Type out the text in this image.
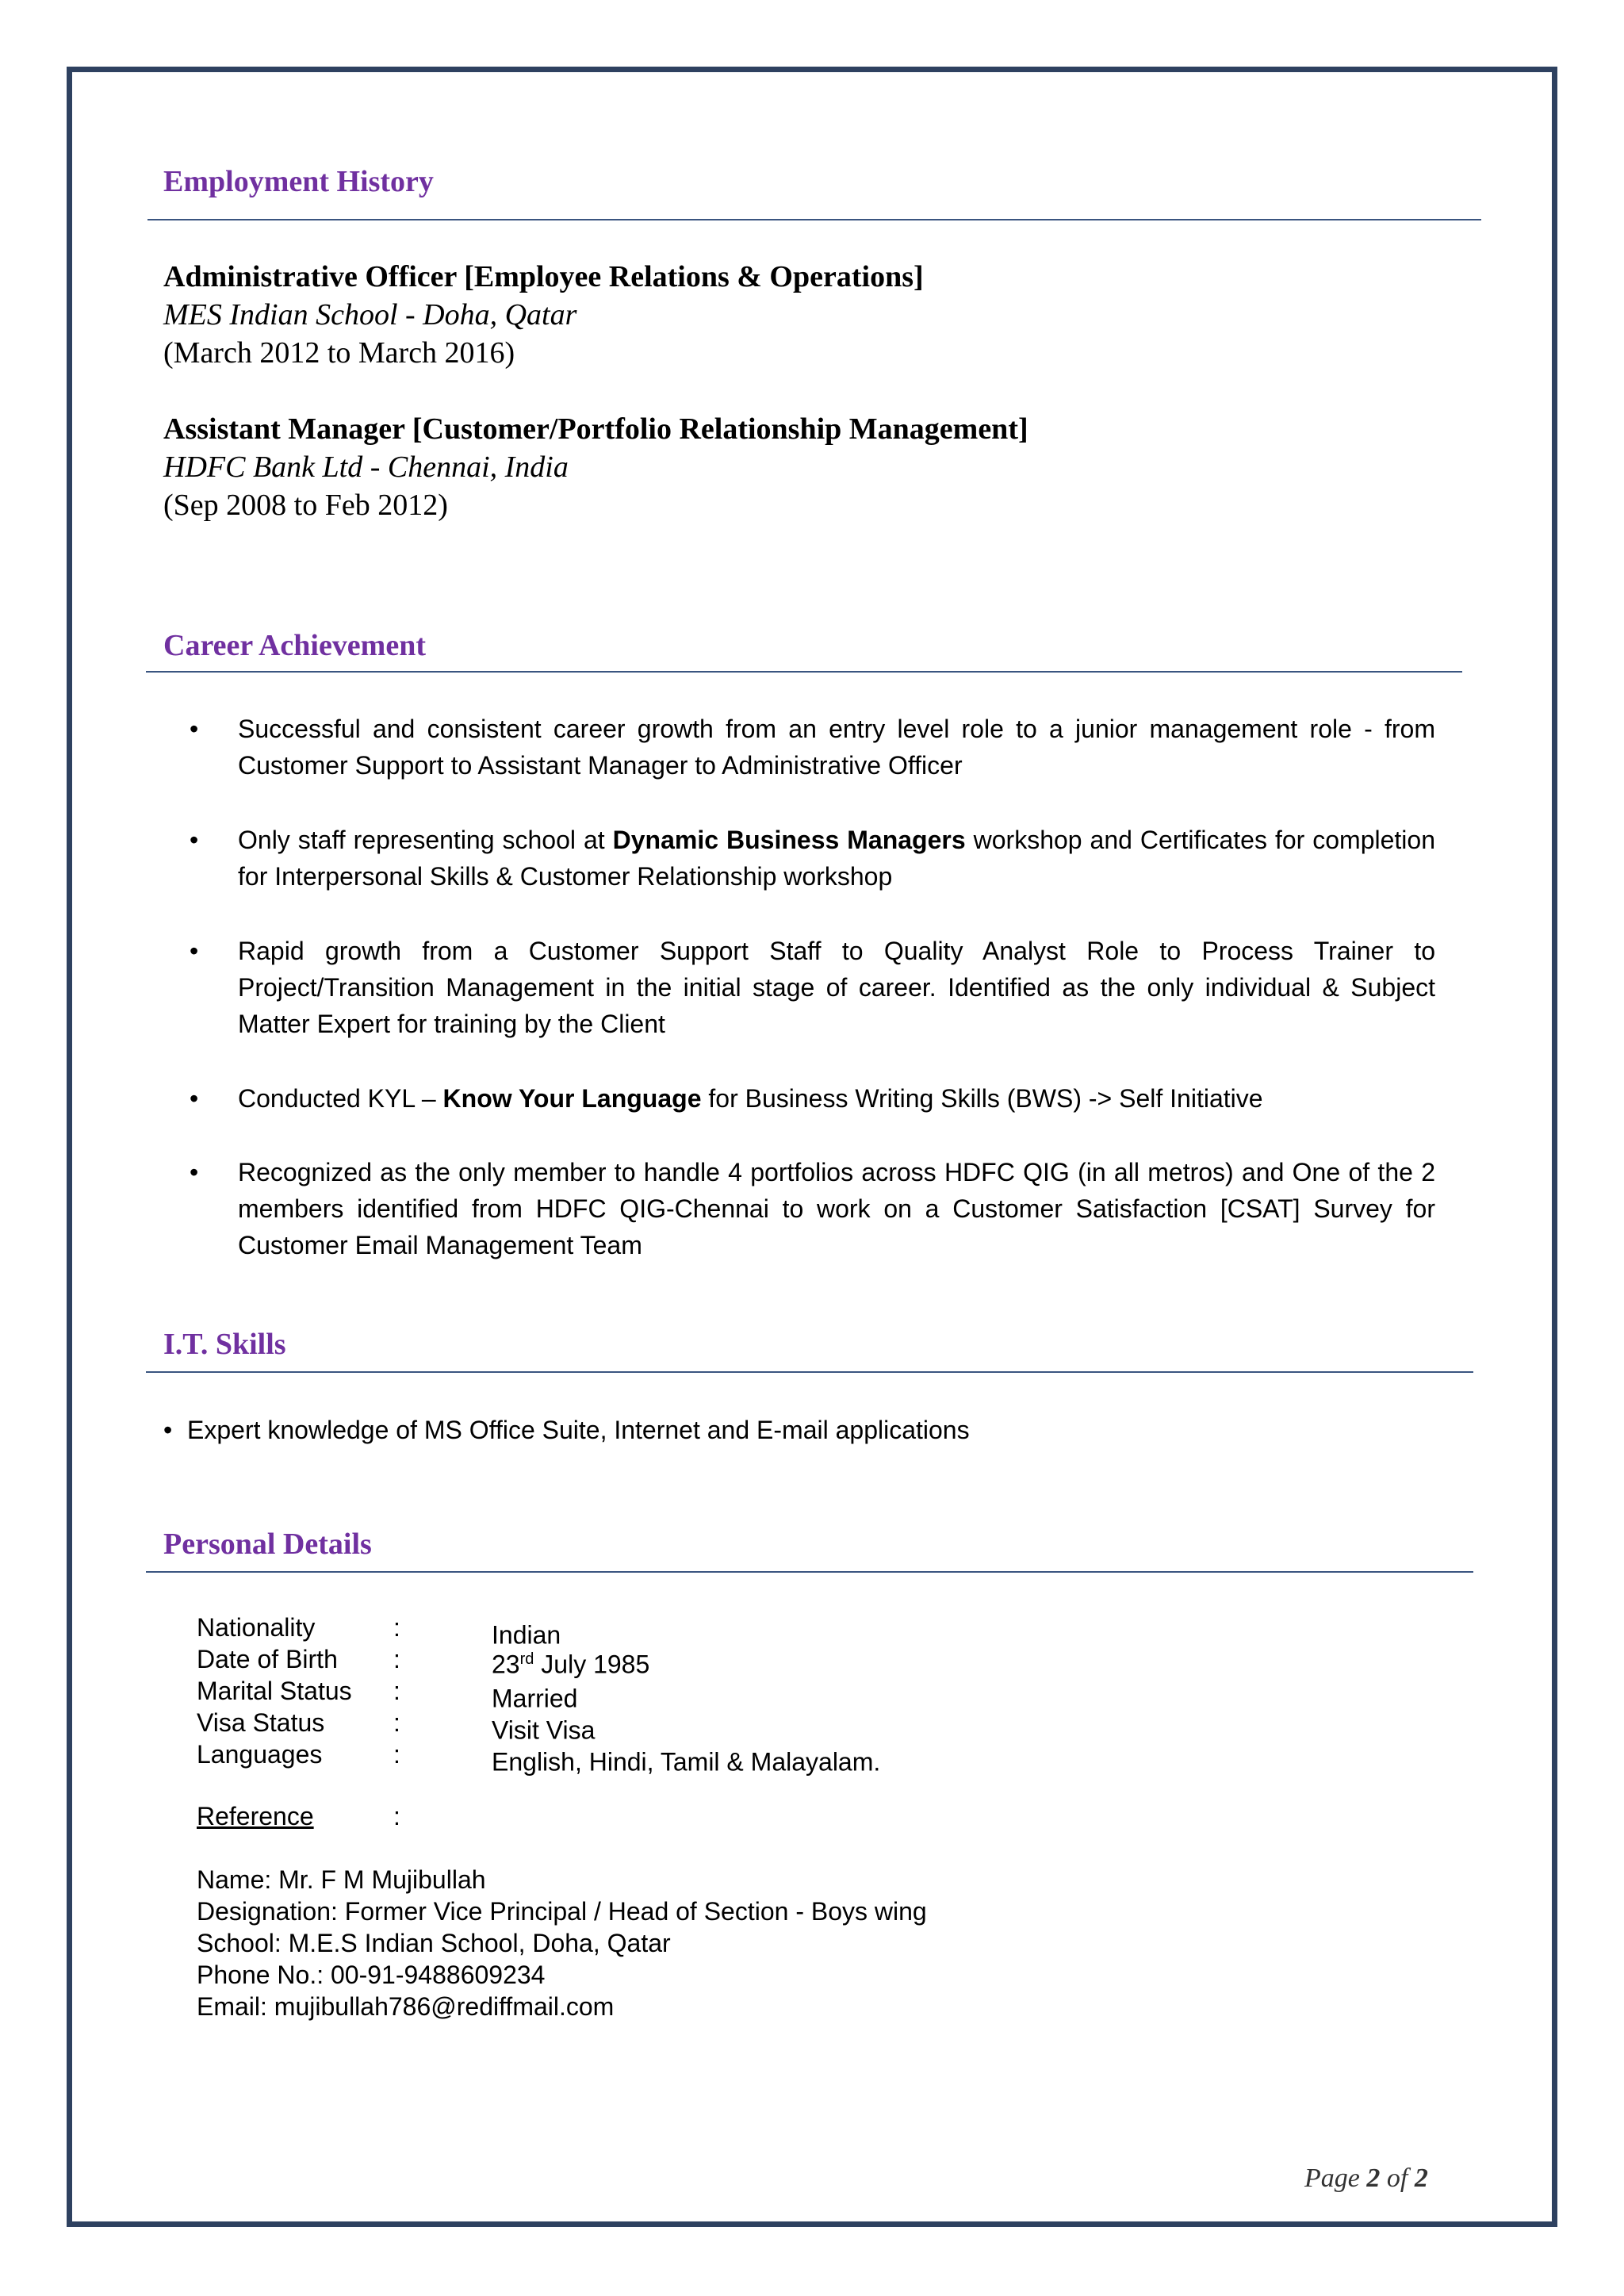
Employment History
Administrative Officer [Employee Relations & Operations]
MES Indian School - Doha, Qatar
(March 2012 to March 2016)
Assistant Manager [Customer/Portfolio Relationship Management]
HDFC Bank Ltd - Chennai, India
(Sep 2008 to Feb 2012)
Career Achievement
• Successful and consistent career growth from an entry level role to a junior management role - from Customer Support to Assistant Manager to Administrative Officer

• Only staff representing school at Dynamic Business Managers workshop and Certificates for completion for Interpersonal Skills & Customer Relationship workshop

• Rapid growth from a Customer Support Staff to Quality Analyst Role to Process Trainer to Project/Transition Management in the initial stage of career. Identified as the only individual & Subject Matter Expert for training by the Client

• Conducted KYL – Know Your Language for Business Writing Skills (BWS) -> Self Initiative

• Recognized as the only member to handle 4 portfolios across HDFC QIG (in all metros) and One of the 2 members identified from HDFC QIG-Chennai to work on a Customer Satisfaction [CSAT] Survey for Customer Email Management Team

I.T. Skills
• Expert knowledge of MS Office Suite, Internet and E-mail applications

Personal Details
Nationality	:	Indian
Date of Birth :	23rd July 1985
Marital Status :	Married
Visa Status	:	Visit Visa
Languages	:	English, Hindi, Tamil & Malayalam.
Reference	:
Name: Mr. F M Mujibullah
Designation: Former Vice Principal / Head of Section - Boys wing
School: M.E.S Indian School, Doha, Qatar
Phone No.: 00-91-9488609234
Email: mujibullah786@rediffmail.com
Page 2 of 2
